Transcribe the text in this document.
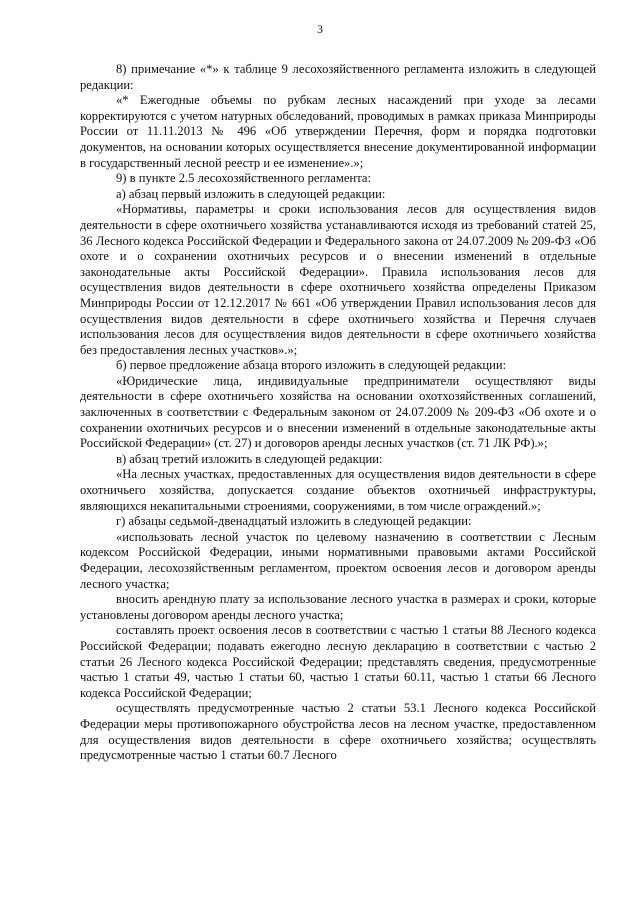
3

8) примечание «*» к таблице 9 лесохозяйственного регламента изложить в следующей редакции:

«* Ежегодные объемы по рубкам лесных насаждений при уходе за лесами корректируются с учетом натурных обследований, проводимых в рамках приказа Минприроды России от 11.11.2013 № 496 «Об утверждении Перечня, форм и порядка подготовки документов, на основании которых осуществляется внесение документированной информации в государственный лесной реестр и ее изменение».»;

9) в пункте 2.5 лесохозяйственного регламента:

а) абзац первый изложить в следующей редакции:

«Нормативы, параметры и сроки использования лесов для осуществления видов деятельности в сфере охотничьего хозяйства устанавливаются исходя из требований статей 25, 36 Лесного кодекса Российской Федерации и Федерального закона от 24.07.2009 № 209-ФЗ «Об охоте и о сохранении охотничьих ресурсов и о внесении изменений в отдельные законодательные акты Российской Федерации». Правила использования лесов для осуществления видов деятельности в сфере охотничьего хозяйства определены Приказом Минприроды России от 12.12.2017 № 661 «Об утверждении Правил использования лесов для осуществления видов деятельности в сфере охотничьего хозяйства и Перечня случаев использования лесов для осуществления видов деятельности в сфере охотничьего хозяйства без предоставления лесных участков».»;

б) первое предложение абзаца второго изложить в следующей редакции:

«Юридические лица, индивидуальные предприниматели осуществляют виды деятельности в сфере охотничьего хозяйства на основании охотхозяйственных соглашений, заключенных в соответствии с Федеральным законом от 24.07.2009 № 209-ФЗ «Об охоте и о сохранении охотничьих ресурсов и о внесении изменений в отдельные законодательные акты Российской Федерации» (ст. 27) и договоров аренды лесных участков (ст. 71 ЛК РФ).»;

в) абзац третий изложить в следующей редакции:

«На лесных участках, предоставленных для осуществления видов деятельности в сфере охотничьего хозяйства, допускается создание объектов охотничьей инфраструктуры, являющихся некапитальными строениями, сооружениями, в том числе ограждений.»;

г) абзацы седьмой-двенадцатый изложить в следующей редакции:

«использовать лесной участок по целевому назначению в соответствии с Лесным кодексом Российской Федерации, иными нормативными правовыми актами Российской Федерации, лесохозяйственным регламентом, проектом освоения лесов и договором аренды лесного участка;

вносить арендную плату за использование лесного участка в размерах и сроки, которые установлены договором аренды лесного участка;

составлять проект освоения лесов в соответствии с частью 1 статьи 88 Лесного кодекса Российской Федерации; подавать ежегодно лесную декларацию в соответствии с частью 2 статьи 26 Лесного кодекса Российской Федерации; представлять сведения, предусмотренные частью 1 статьи 49, частью 1 статьи 60, частью 1 статьи 60.11, частью 1 статьи 66 Лесного кодекса Российской Федерации;

осуществлять предусмотренные частью 2 статьи 53.1 Лесного кодекса Российской Федерации меры противопожарного обустройства лесов на лесном участке, предоставленном для осуществления видов деятельности в сфере охотничьего хозяйства; осуществлять предусмотренные частью 1 статьи 60.7 Лесного
